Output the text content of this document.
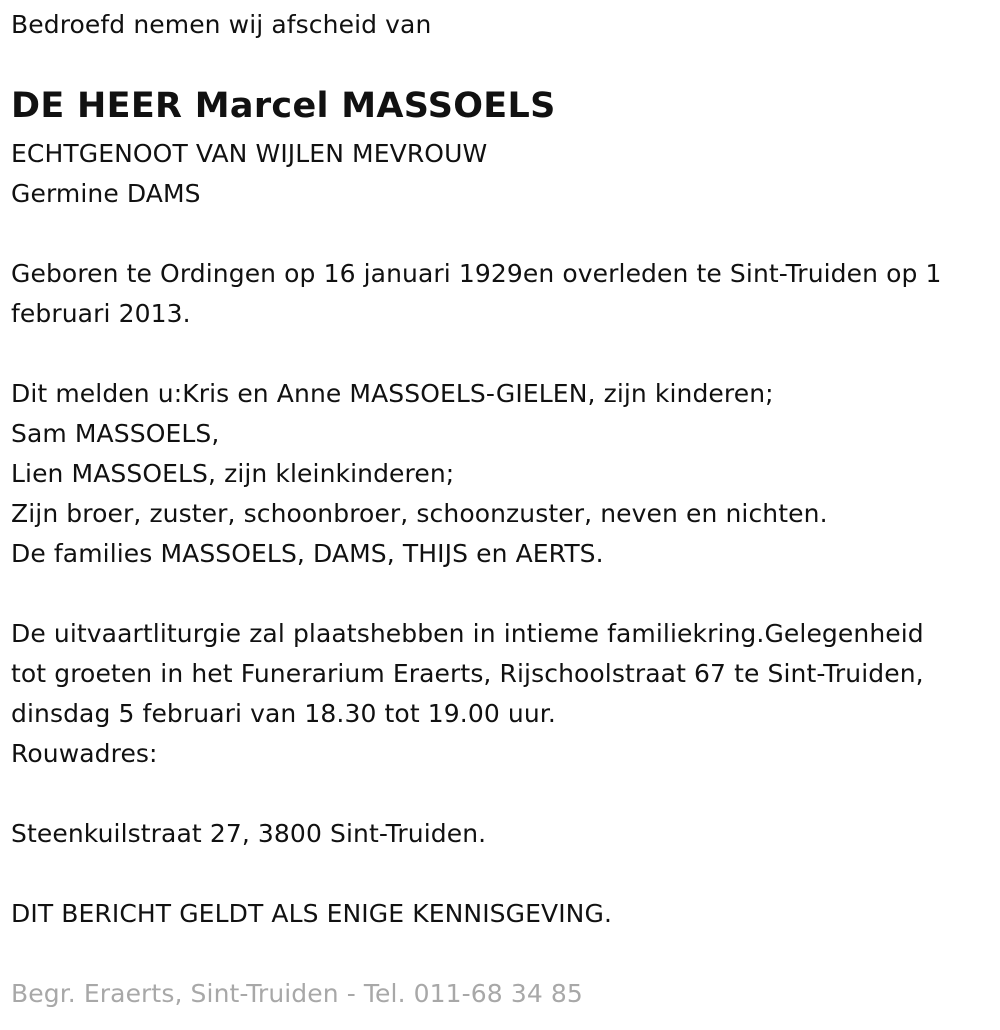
Bedroefd nemen wij afscheid van
DE HEER Marcel MASSOELS
ECHTGENOOT VAN WIJLEN MEVROUW
Germine DAMS
Geboren te Ordingen op 16 januari 1929en overleden te Sint-Truiden op 1
februari 2013.
Dit melden u:Kris en Anne MASSOELS-GIELEN, zijn kinderen;
Sam MASSOELS,
Lien MASSOELS, zijn kleinkinderen;
Zijn broer, zuster, schoonbroer, schoonzuster, neven en nichten.
De families MASSOELS, DAMS, THIJS en AERTS.
De uitvaartliturgie zal plaatshebben in intieme familiekring.Gelegenheid
tot groeten in het Funerarium Eraerts, Rijschoolstraat 67 te Sint-Truiden,
dinsdag 5 februari van 18.30 tot 19.00 uur.
Rouwadres:
Steenkuilstraat 27, 3800 Sint-Truiden.
DIT BERICHT GELDT ALS ENIGE KENNISGEVING.
Begr. Eraerts, Sint-Truiden - Tel. 011-68 34 85
